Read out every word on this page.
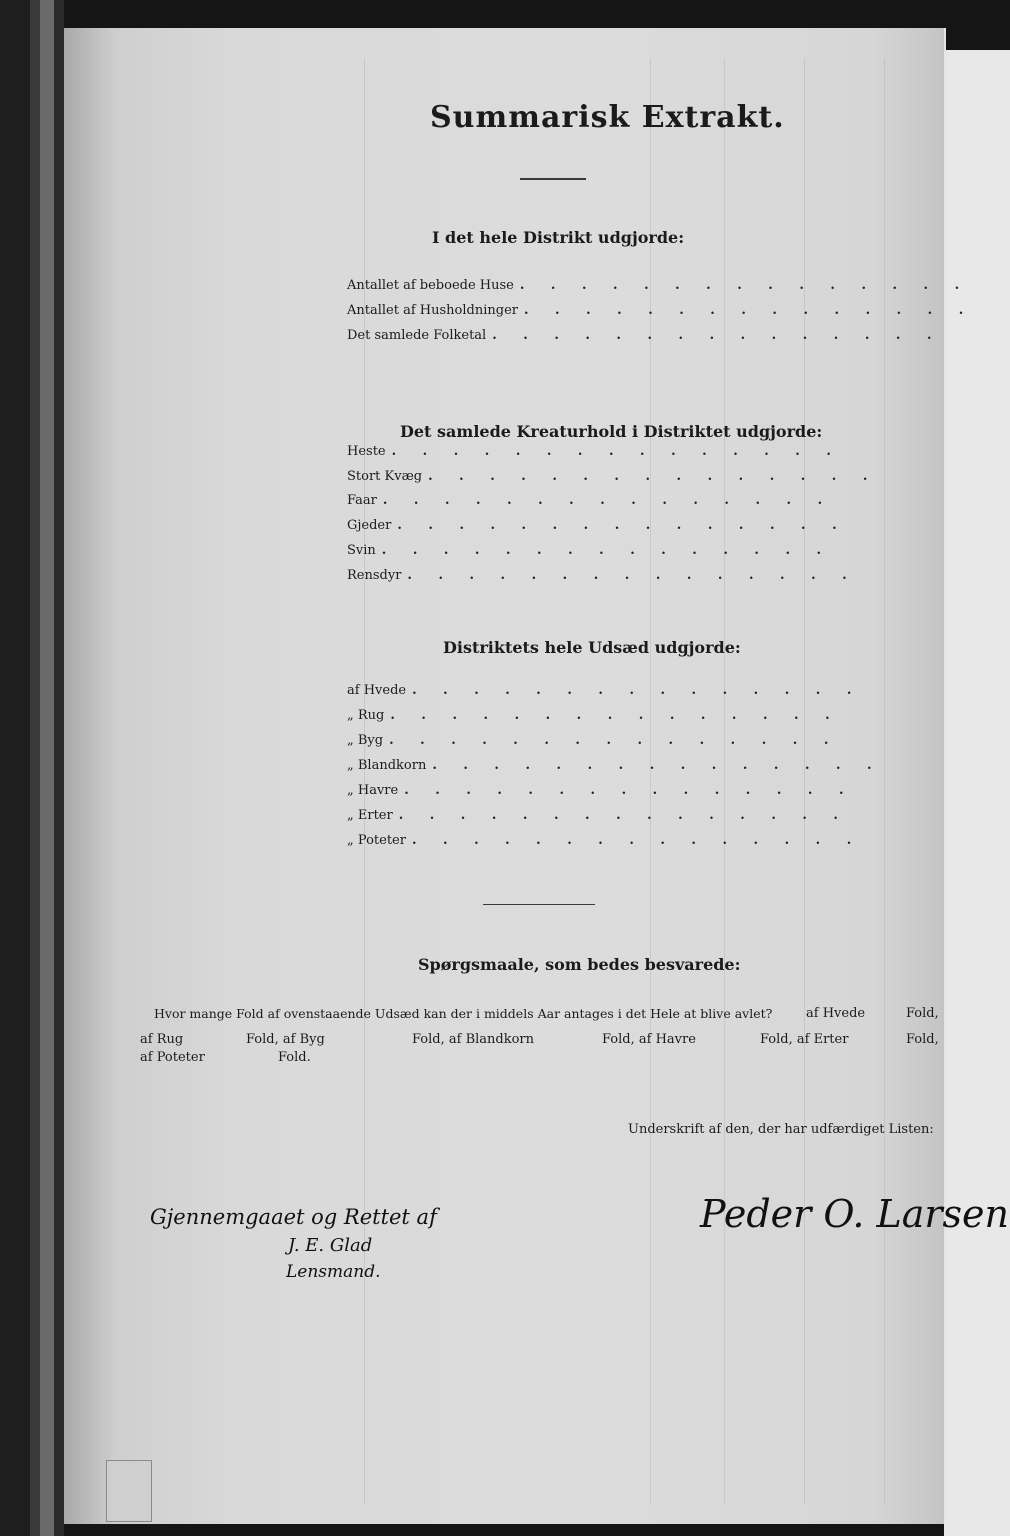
Summarisk Extrakt.
I det hele Distrikt udgjorde:
Antallet af beboede Huse . . . . . . . . . . . . . . .
Antallet af Husholdninger . . . . . . . . . . . . . . .
Det samlede Folketal . . . . . . . . . . . . . . .
Det samlede Kreaturhold i Distriktet udgjorde:
Heste . . . . . . . . . . . . . . .
Stort Kvæg . . . . . . . . . . . . . . .
Faar . . . . . . . . . . . . . . .
Gjeder . . . . . . . . . . . . . . .
Svin . . . . . . . . . . . . . . .
Rensdyr . . . . . . . . . . . . . . .
Distriktets hele Udsæd udgjorde:
af Hvede . . . . . . . . . . . . . . .
„ Rug . . . . . . . . . . . . . . .
„ Byg . . . . . . . . . . . . . . .
„ Blandkorn . . . . . . . . . . . . . . .
„ Havre . . . . . . . . . . . . . . .
„ Erter . . . . . . . . . . . . . . .
„ Poteter . . . . . . . . . . . . . . .
Spørgsmaale, som bedes besvarede:
Hvor mange Fold af ovenstaaende Udsæd kan der i middels Aar antages i det Hele at blive avlet?	af Hvede	Fold,
af Rug	Fold, af Byg	Fold, af Blandkorn	Fold, af Havre	Fold, af Erter	Fold,
af Poteter	Fold.
Underskrift af den, der har udfærdiget Listen:
Peder O. Larsen
Gjennemgaaet og Rettet af
J. E. Glad
Lensmand.
